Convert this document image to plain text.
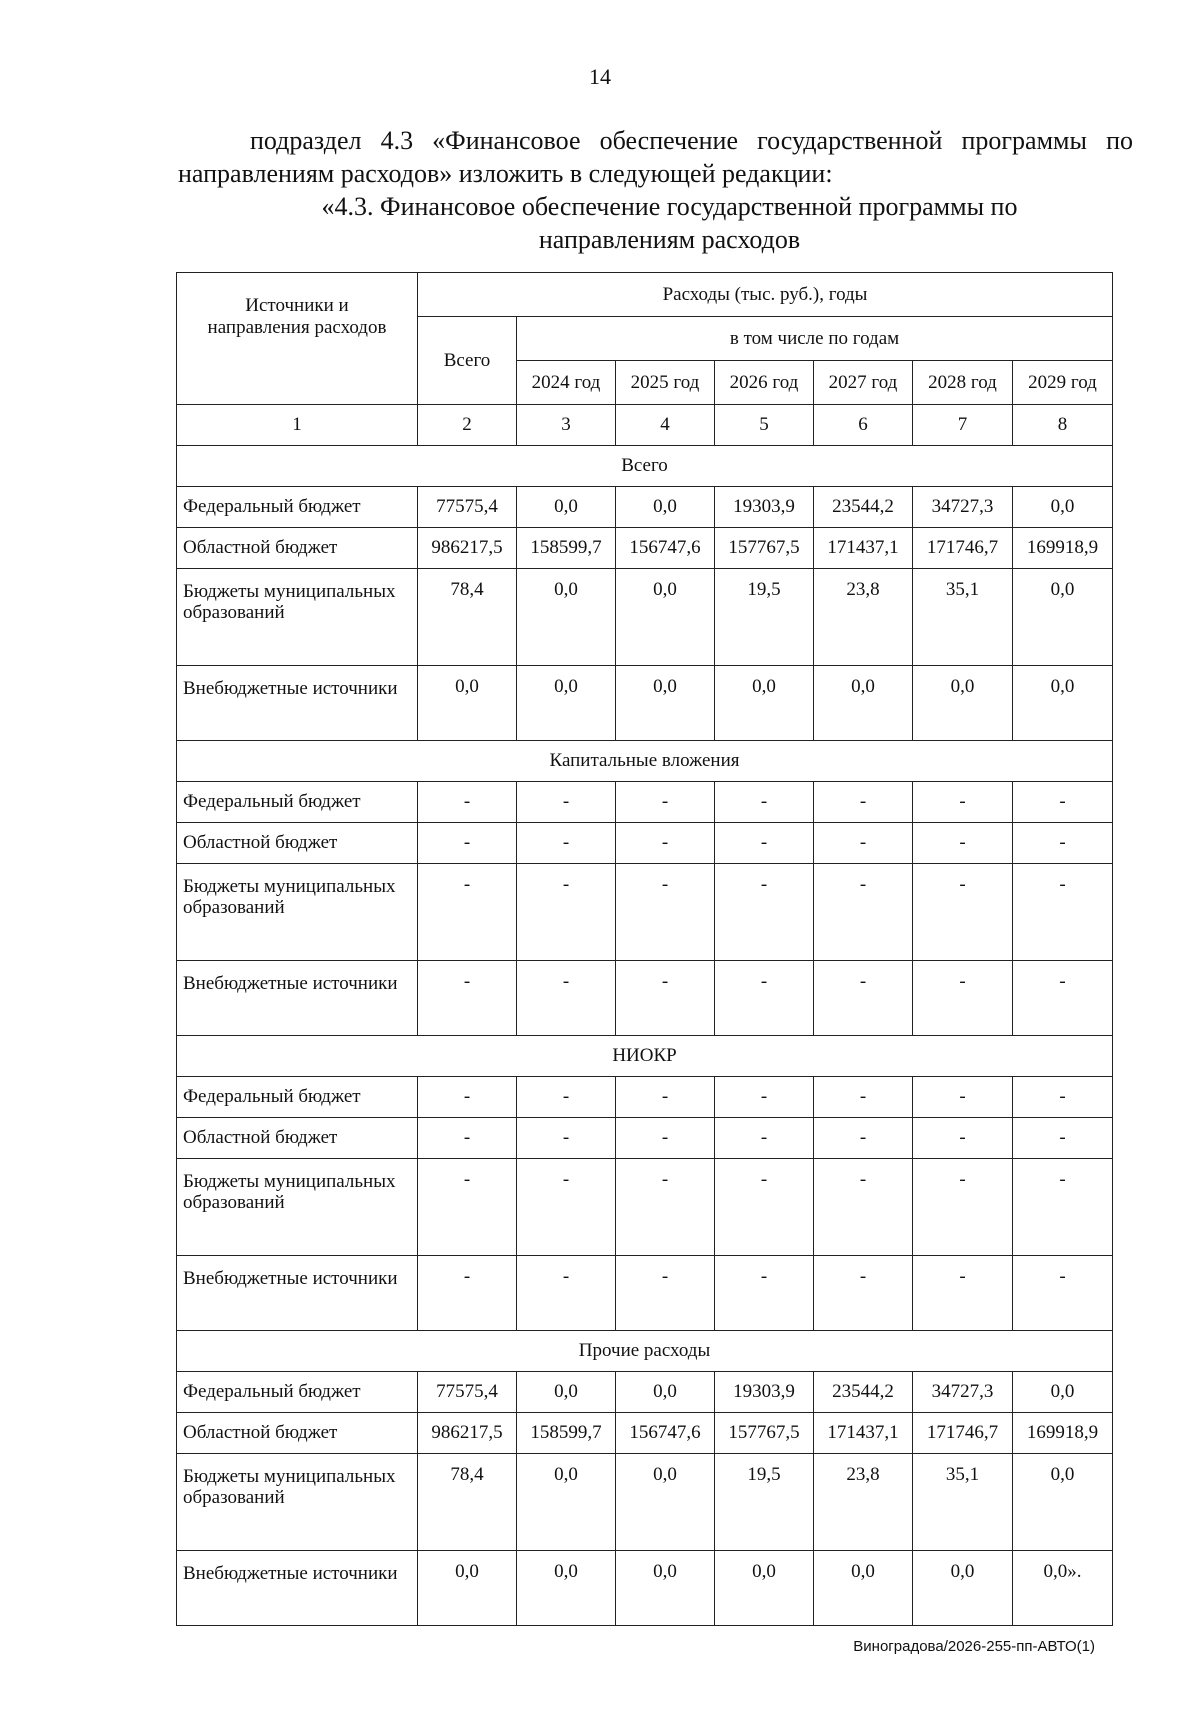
14

подраздел 4.3 «Финансовое обеспечение государственной программы по направлениям расходов» изложить в следующей редакции:

«4.3. Финансовое обеспечение государственной программы по
направлениям расходов
Источники и
направления расходов	Расходы (тыс. руб.), годы						
	Всего	в том числе по годам					
		2024 год	2025 год	2026 год	2027 год	2028 год	2029 год
1	2	3	4	5	6	7	8
Всего							
Федеральный бюджет	77575,4	0,0	0,0	19303,9	23544,2	34727,3	0,0
Областной бюджет	986217,5	158599,7	156747,6	157767,5	171437,1	171746,7	169918,9
Бюджеты муниципальных образований	78,4	0,0	0,0	19,5	23,8	35,1	0,0
Внебюджетные источники	0,0	0,0	0,0	0,0	0,0	0,0	0,0
Капитальные вложения							
Федеральный бюджет	-	-	-	-	-	-	-
Областной бюджет	-	-	-	-	-	-	-
Бюджеты муниципальных образований	-	-	-	-	-	-	-
Внебюджетные источники	-	-	-	-	-	-	-
НИОКР							
Федеральный бюджет	-	-	-	-	-	-	-
Областной бюджет	-	-	-	-	-	-	-
Бюджеты муниципальных образований	-	-	-	-	-	-	-
Внебюджетные источники	-	-	-	-	-	-	-
Прочие расходы							
Федеральный бюджет	77575,4	0,0	0,0	19303,9	23544,2	34727,3	0,0
Областной бюджет	986217,5	158599,7	156747,6	157767,5	171437,1	171746,7	169918,9
Бюджеты муниципальных образований	78,4	0,0	0,0	19,5	23,8	35,1	0,0
Внебюджетные источники	0,0	0,0	0,0	0,0	0,0	0,0	0,0».
Виноградова/2026-255-пп-АВТО(1)
